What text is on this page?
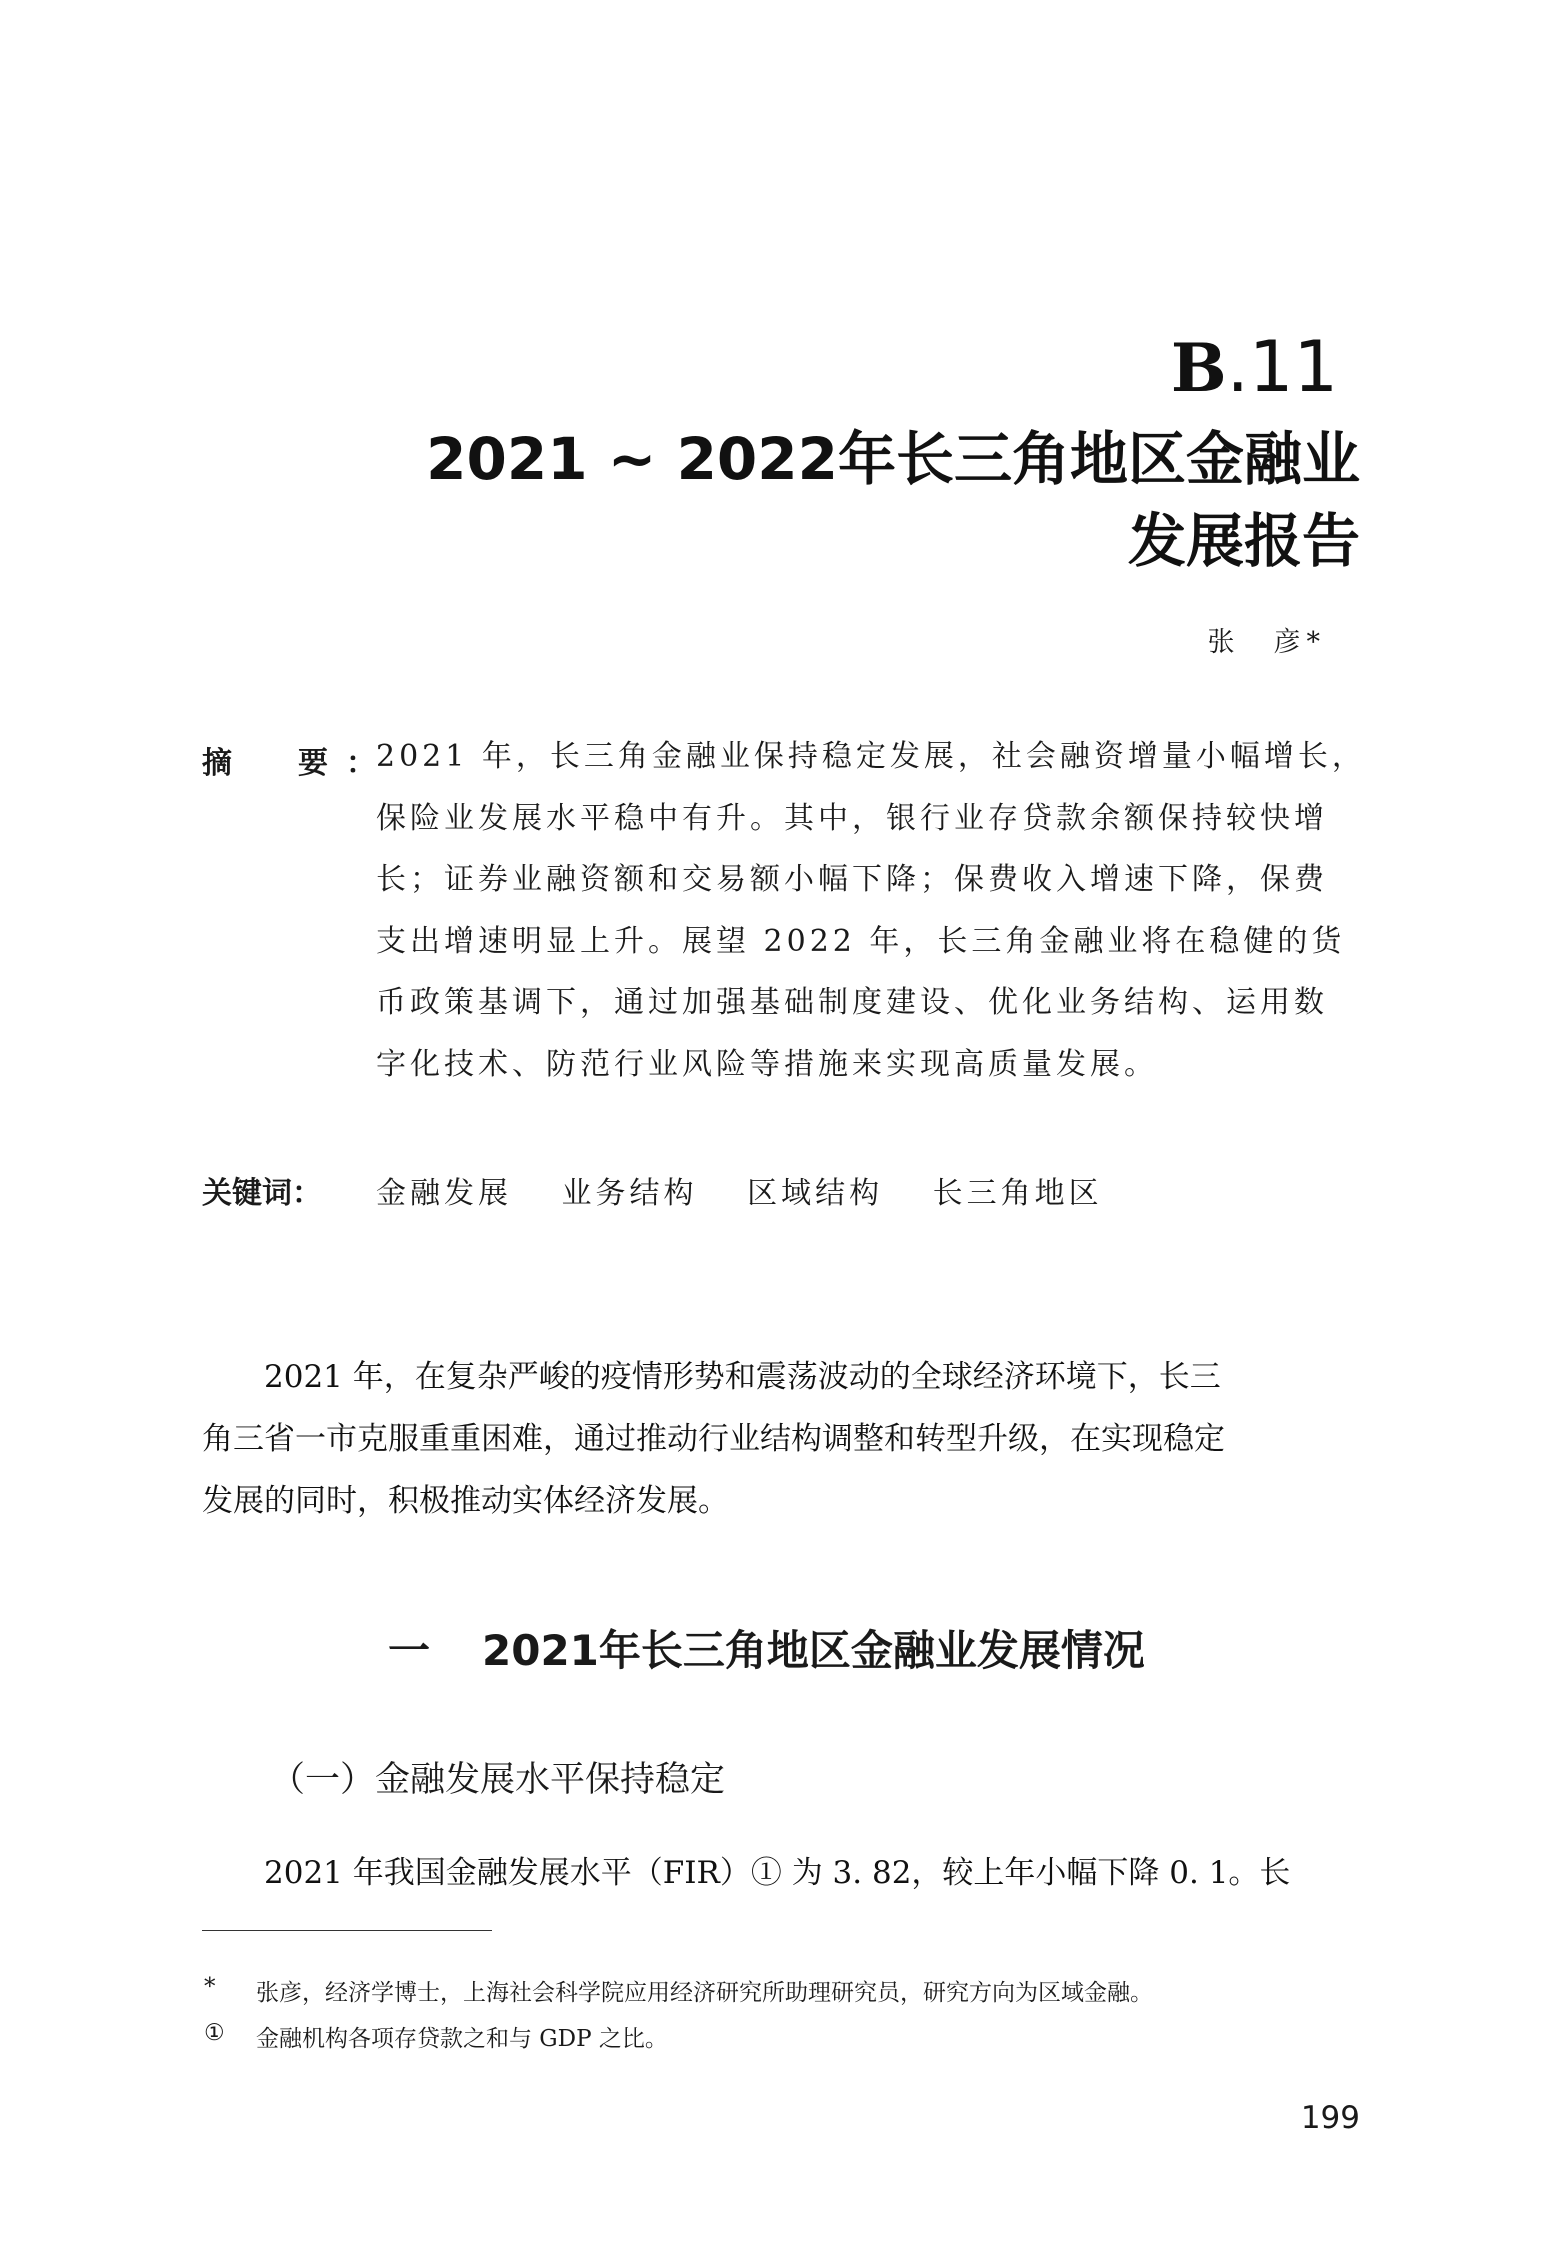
B.11
2021 ~ 2022年长三角地区金融业
发展报告
张　彦*
摘　要：
2021 年，长三角金融业保持稳定发展，社会融资增量小幅增长，
保险业发展水平稳中有升。其中，银行业存贷款余额保持较快增
长；证券业融资额和交易额小幅下降；保费收入增速下降，保费
支出增速明显上升。展望 2022 年，长三角金融业将在稳健的货
币政策基调下，通过加强基础制度建设、优化业务结构、运用数
字化技术、防范行业风险等措施来实现高质量发展。
关键词： 金融发展 业务结构 区域结构 长三角地区
　　2021 年，在复杂严峻的疫情形势和震荡波动的全球经济环境下，长三
角三省一市克服重重困难，通过推动行业结构调整和转型升级，在实现稳定
发展的同时，积极推动实体经济发展。
一 2021年长三角地区金融业发展情况
（一）金融发展水平保持稳定
　　2021 年我国金融发展水平（FIR）① 为 3. 82，较上年小幅下降 0. 1。长
* 张彦，经济学博士，上海社会科学院应用经济研究所助理研究员，研究方向为区域金融。
① 金融机构各项存贷款之和与 GDP 之比。
199
